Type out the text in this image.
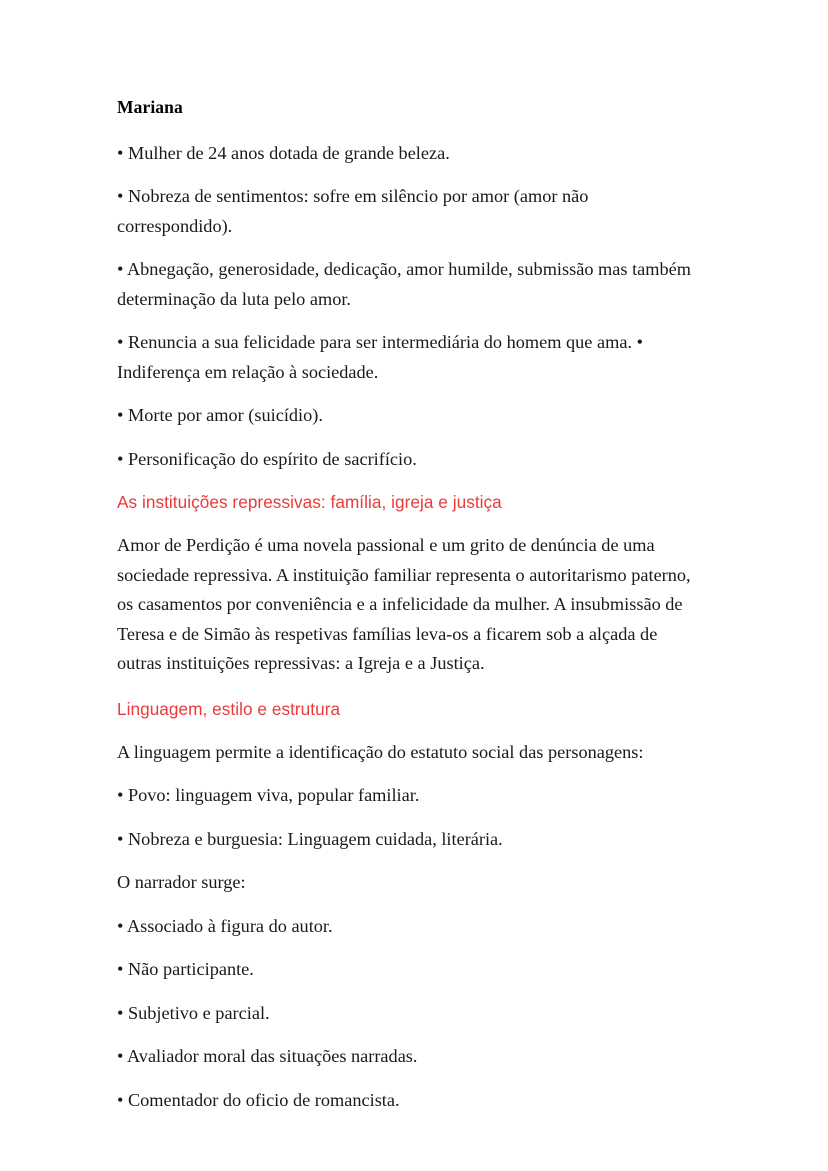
Mariana

• Mulher de 24 anos dotada de grande beleza.

• Nobreza de sentimentos: sofre em silêncio por amor (amor não correspondido).

• Abnegação, generosidade, dedicação, amor humilde, submissão mas também determinação da luta pelo amor.

• Renuncia a sua felicidade para ser intermediária do homem que ama. • Indiferença em relação à sociedade.

• Morte por amor (suicídio).

• Personificação do espírito de sacrifício.

As instituições repressivas: família, igreja e justiça

Amor de Perdição é uma novela passional e um grito de denúncia de uma sociedade repressiva. A instituição familiar representa o autoritarismo paterno, os casamentos por conveniência e a infelicidade da mulher. A insubmissão de Teresa e de Simão às respetivas famílias leva-os a ficarem sob a alçada de outras instituições repressivas: a Igreja e a Justiça.

Linguagem, estilo e estrutura

A linguagem permite a identificação do estatuto social das personagens:

• Povo: linguagem viva, popular familiar.

• Nobreza e burguesia: Linguagem cuidada, literária.

O narrador surge:

• Associado à figura do autor.

• Não participante.

• Subjetivo e parcial.

• Avaliador moral das situações narradas.

• Comentador do oficio de romancista.
